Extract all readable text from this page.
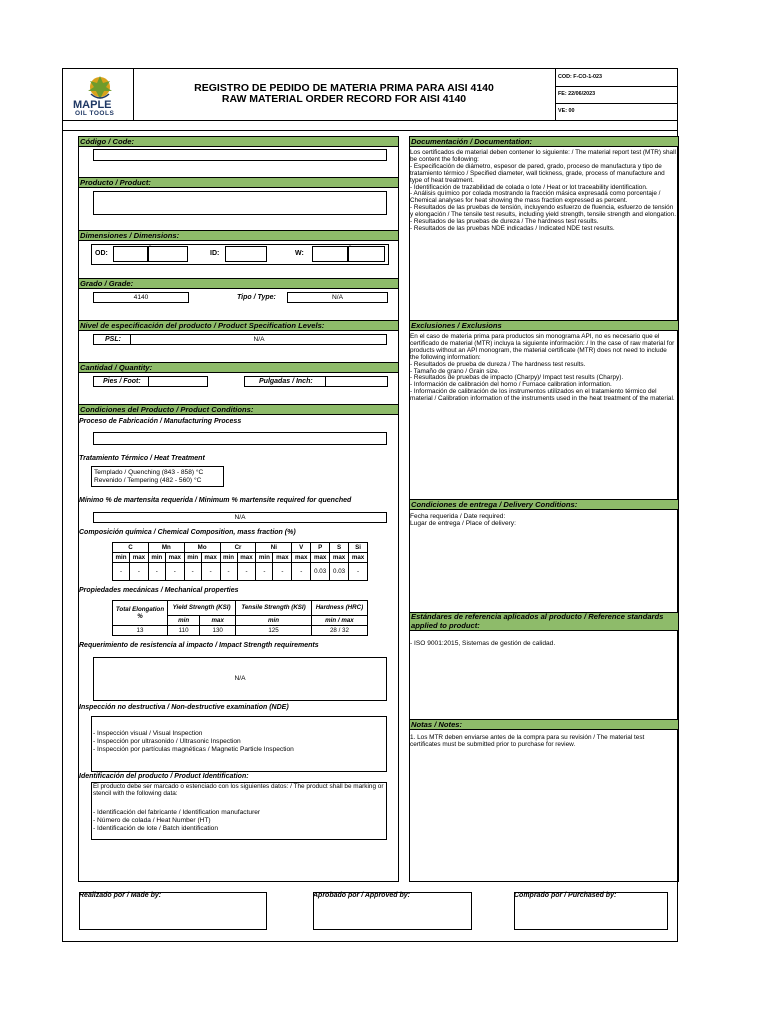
MAPLE
OIL TOOLS
REGISTRO DE PEDIDO DE MATERIA PRIMA PARA AISI 4140
RAW MATERIAL ORDER RECORD FOR AISI 4140
COD: F-CO-1-023
FE: 22/06/2023
VE: 00
Código / Code:
Producto / Product:
Dimensiones / Dimensions:
OD:
"
ID:	W:
"
Grado / Grade:
4140	Tipo / Type:	N/A
Nivel de especificación del producto / Product Specification Levels:
PSL:	N/A
Cantidad / Quantity:
Pies / Foot:	Pulgadas / Inch:
Condiciones del Producto / Product Conditions:
Proceso de Fabricación / Manufacturing Process
Tratamiento Térmico / Heat Treatment
Templado / Quenching (843 - 858) °C
Revenido / Tempering (482 - 560) °C
Mínimo % de martensita requerida / Minimum % martensite required for quenched
N/A
Composición química / Chemical Composition, mass fraction (%)
C		Mn		Mo		Cr		Ni		V	P	S	Si
min	max	min	max	min	max	min	max	min	max	max	max	max	max
-	-	-	-	-	-	-	-	-	-	-	0.03	0.03	-
Propiedades mecánicas / Mechanical properties
Total Elongation %	Yield Strength (KSI)		Tensile Strength (KSI)	Hardness (HRC)
	min	max	min	min / max
13	110	130	125	28 / 32
Requerimiento de resistencia al impacto / Impact Strength requirements
N/A
Inspección no destructiva / Non-destructive examination (NDE)
- Inspección visual / Visual Inspection
- Inspección por ultrasonido / Ultrasonic Inspection
- Inspección por partículas magnéticas / Magnetic Particle Inspection
Identificación del producto / Product Identification:
El producto debe ser marcado o estenciado con los siguientes datos: / The product shall be marking or stencil with the following data:
- Identificación del fabricante / Identification manufacturer
- Número de colada / Heat Number (HT)
- Identificación de lote / Batch identification
Documentación / Documentation:
Los certificados de material deben contener lo siguiente: / The material report test (MTR) shall be content the following:
- Especificación de diámetro, espesor de pared, grado, proceso de manufactura y tipo de tratamiento térmico / Specified diameter, wall tickness, grade, process of manufacture and type of heat treatment.
- Identificación de trazabilidad de colada o lote / Heat or lot traceability identification.
- Análisis químico por colada mostrando la fracción másica expresada como porcentaje / Chemical analyses for heat showing the mass fraction expressed as percent.
- Resultados de las pruebas de tensión, incluyendo esfuerzo de fluencia, esfuerzo de tensión y elongación / The tensile test results, including yield strength, tensile strength and elongation.
- Resultados de las pruebas de dureza / The hardness test results.
- Resultados de las pruebas NDE indicadas / Indicated NDE test results.
Exclusiones / Exclusions
En el caso de materia prima para productos sin monograma API, no es necesario que el certificado de material (MTR) incluya la siguiente información: / In the case of raw material for products without an API monogram, the material certificate (MTR) does not need to include the following information:
- Resultados de prueba de dureza / The hardness test results.
- Tamaño de grano / Grain size.
- Resultados de pruebas de impacto (Charpy)/ Impact test results (Charpy).
- Información de calibración del horno / Furnace calibration information.
- Información de calibración de los instrumentos utilizados en el tratamiento térmico del material / Calibration information of the instruments used in the heat treatment of the material.
Condiciones de entrega / Delivery Conditions:
Fecha requerida / Date required:
Lugar de entrega / Place of delivery:
Estándares de referencia aplicados al producto / Reference standards applied to product:
- ISO 9001:2015, Sistemas de gestión de calidad.
Notas / Notes:
1. Los MTR deben enviarse antes de la compra para su revisión / The material test certificates must be submitted prior to purchase for review.
Realizado por / Made by:	Aprobado por / Approved by:	Comprado por / Purchased by:
